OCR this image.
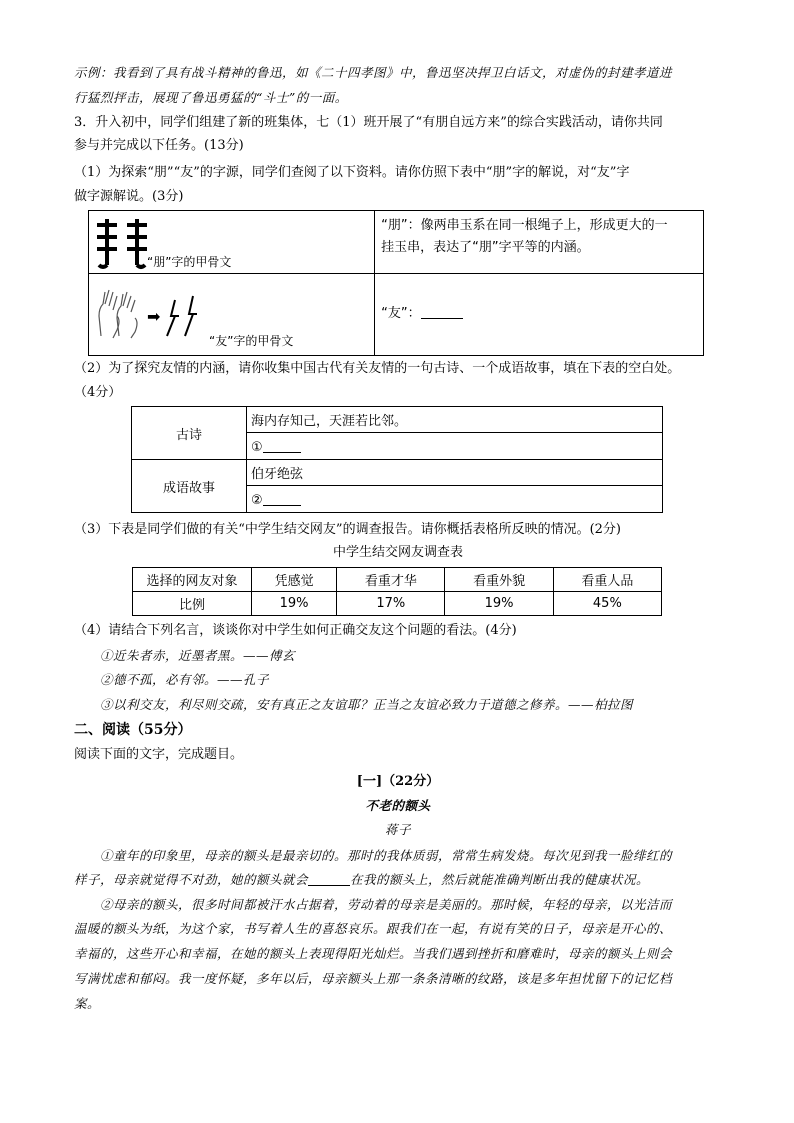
示例：我看到了具有战斗精神的鲁迅，如《二十四孝图》中，鲁迅坚决捍卫白话文，对虚伪的封建孝道进
行猛烈抨击，展现了鲁迅勇猛的“斗士”的一面。
3．升入初中，同学们组建了新的班集体，七（1）班开展了“有朋自远方来”的综合实践活动，请你共同
参与并完成以下任务。(13分)
（1）为探索“朋”“友”的字源，同学们查阅了以下资料。请你仿照下表中“朋”字的解说，对“友”字
做字源解说。(3分)
“朋”字的甲骨文	“朋”：像两串玉系在同一根绳子上，形成更大的一
挂玉串，表达了“朋”字平等的内涵。

➡
“友”字的甲骨文	“友”：
（2）为了探究友情的内涵，请你收集中国古代有关友情的一句古诗、一个成语故事，填在下表的空白处。
（4分）
古诗	海内存知己，天涯若比邻。
	①
成语故事	伯牙绝弦
	②
（3）下表是同学们做的有关“中学生结交网友”的调查报告。请你概括表格所反映的情况。(2分)
中学生结交网友调查表
选择的网友对象	凭感觉	看重才华	看重外貌	看重人品
比例	19%	17%	19%	45%
（4）请结合下列名言，谈谈你对中学生如何正确交友这个问题的看法。(4分)
①近朱者赤，近墨者黑。——傅玄
②德不孤，必有邻。——孔子
③以利交友，利尽则交疏，安有真正之友谊耶？正当之友谊必致力于道德之修养。——柏拉图
二、阅读（55分）
阅读下面的文字，完成题目。
[一]（22分）
不老的额头
蒋子
①童年的印象里，母亲的额头是最亲切的。那时的我体质弱，常常生病发烧。每次见到我一脸绯红的
样子，母亲就觉得不对劲，她的额头就会	在我的额头上，然后就能准确判断出我的健康状况。
②母亲的额头，很多时间都被汗水占据着，劳动着的母亲是美丽的。那时候，年轻的母亲，以光洁而
温暖的额头为纸，为这个家，书写着人生的喜怒哀乐。跟我们在一起，有说有笑的日子，母亲是开心的、
幸福的，这些开心和幸福，在她的额头上表现得阳光灿烂。当我们遇到挫折和磨难时，母亲的额头上则会
写满忧虑和郁闷。我一度怀疑，多年以后，母亲额头上那一条条清晰的纹路，该是多年担忧留下的记忆档
案。
